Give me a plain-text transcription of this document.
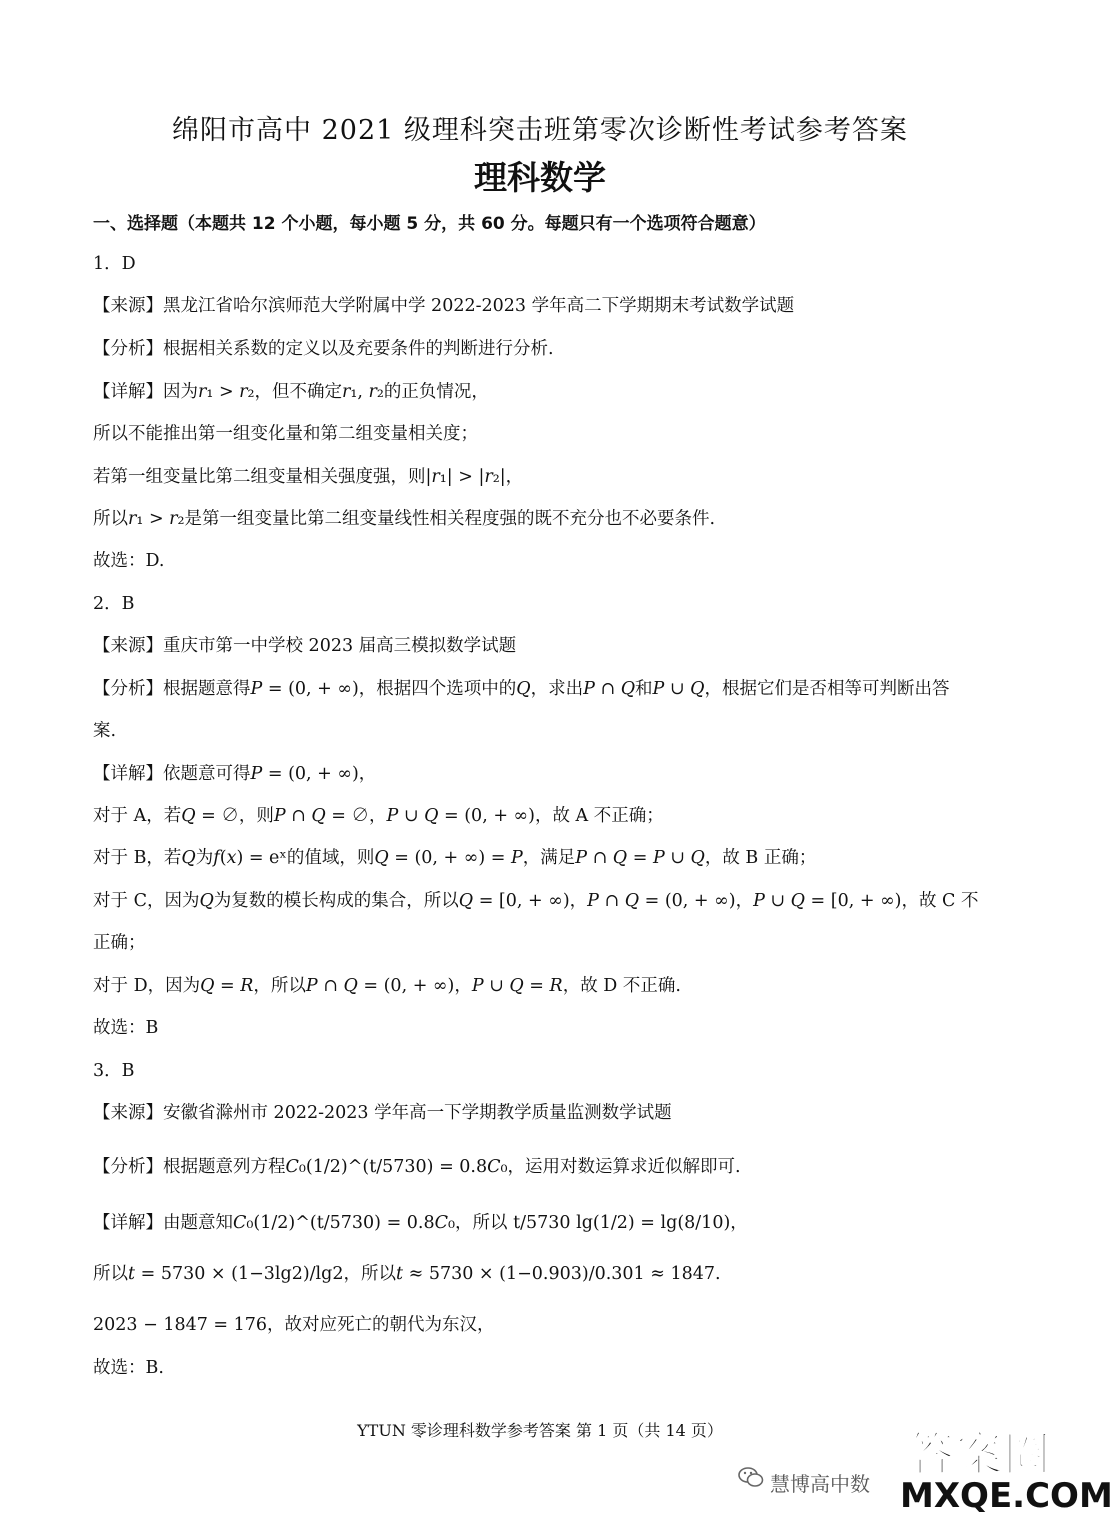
绵阳市高中 2021 级理科突击班第零次诊断性考试参考答案
理科数学
一、选择题（本题共 12 个小题，每小题 5 分，共 60 分。每题只有一个选项符合题意）
1．D
【来源】黑龙江省哈尔滨师范大学附属中学 2022-2023 学年高二下学期期末考试数学试题
【分析】根据相关系数的定义以及充要条件的判断进行分析.
【详解】因为𝑟₁ > 𝑟₂，但不确定𝑟₁, 𝑟₂的正负情况，
所以不能推出第一组变化量和第二组变量相关度；
若第一组变量比第二组变量相关强度强，则|𝑟₁| > |𝑟₂|，
所以𝑟₁ > 𝑟₂是第一组变量比第二组变量线性相关程度强的既不充分也不必要条件.
故选：D.
2．B
【来源】重庆市第一中学校 2023 届高三模拟数学试题
【分析】根据题意得𝑃 = (0, + ∞)，根据四个选项中的𝑄，求出𝑃 ∩ 𝑄和𝑃 ∪ 𝑄，根据它们是否相等可判断出答
案.
【详解】依题意可得𝑃 = (0, + ∞)，
对于 A，若𝑄 = ∅，则𝑃 ∩ 𝑄 = ∅，𝑃 ∪ 𝑄 = (0, + ∞)，故 A 不正确；
对于 B，若𝑄为𝑓(𝑥) = eˣ的值域，则𝑄 = (0, + ∞) = 𝑃，满足𝑃 ∩ 𝑄 = 𝑃 ∪ 𝑄，故 B 正确；
对于 C，因为𝑄为复数的模长构成的集合，所以𝑄 = [0, + ∞)，𝑃 ∩ 𝑄 = (0, + ∞)，𝑃 ∪ 𝑄 = [0, + ∞)，故 C 不
正确；
对于 D，因为𝑄 = 𝑅，所以𝑃 ∩ 𝑄 = (0, + ∞)，𝑃 ∪ 𝑄 = 𝑅，故 D 不正确.
故选：B
3．B
【来源】安徽省滁州市 2022-2023 学年高一下学期教学质量监测数学试题
【分析】根据题意列方程𝐶₀(1/2)^(t/5730) = 0.8𝐶₀，运用对数运算求近似解即可.
【详解】由题意知𝐶₀(1/2)^(t/5730) = 0.8𝐶₀，所以 t/5730 lg(1/2) = lg(8/10)，
所以𝑡 = 5730 × (1−3lg2)/lg2，所以𝑡 ≈ 5730 × (1−0.903)/0.301 ≈ 1847.
2023 − 1847 = 176，故对应死亡的朝代为东汉，
故选：B.
YTUN 零诊理科数学参考答案 第 1 页（共 14 页）
慧博高中数
答案圈
MXQE.COM
